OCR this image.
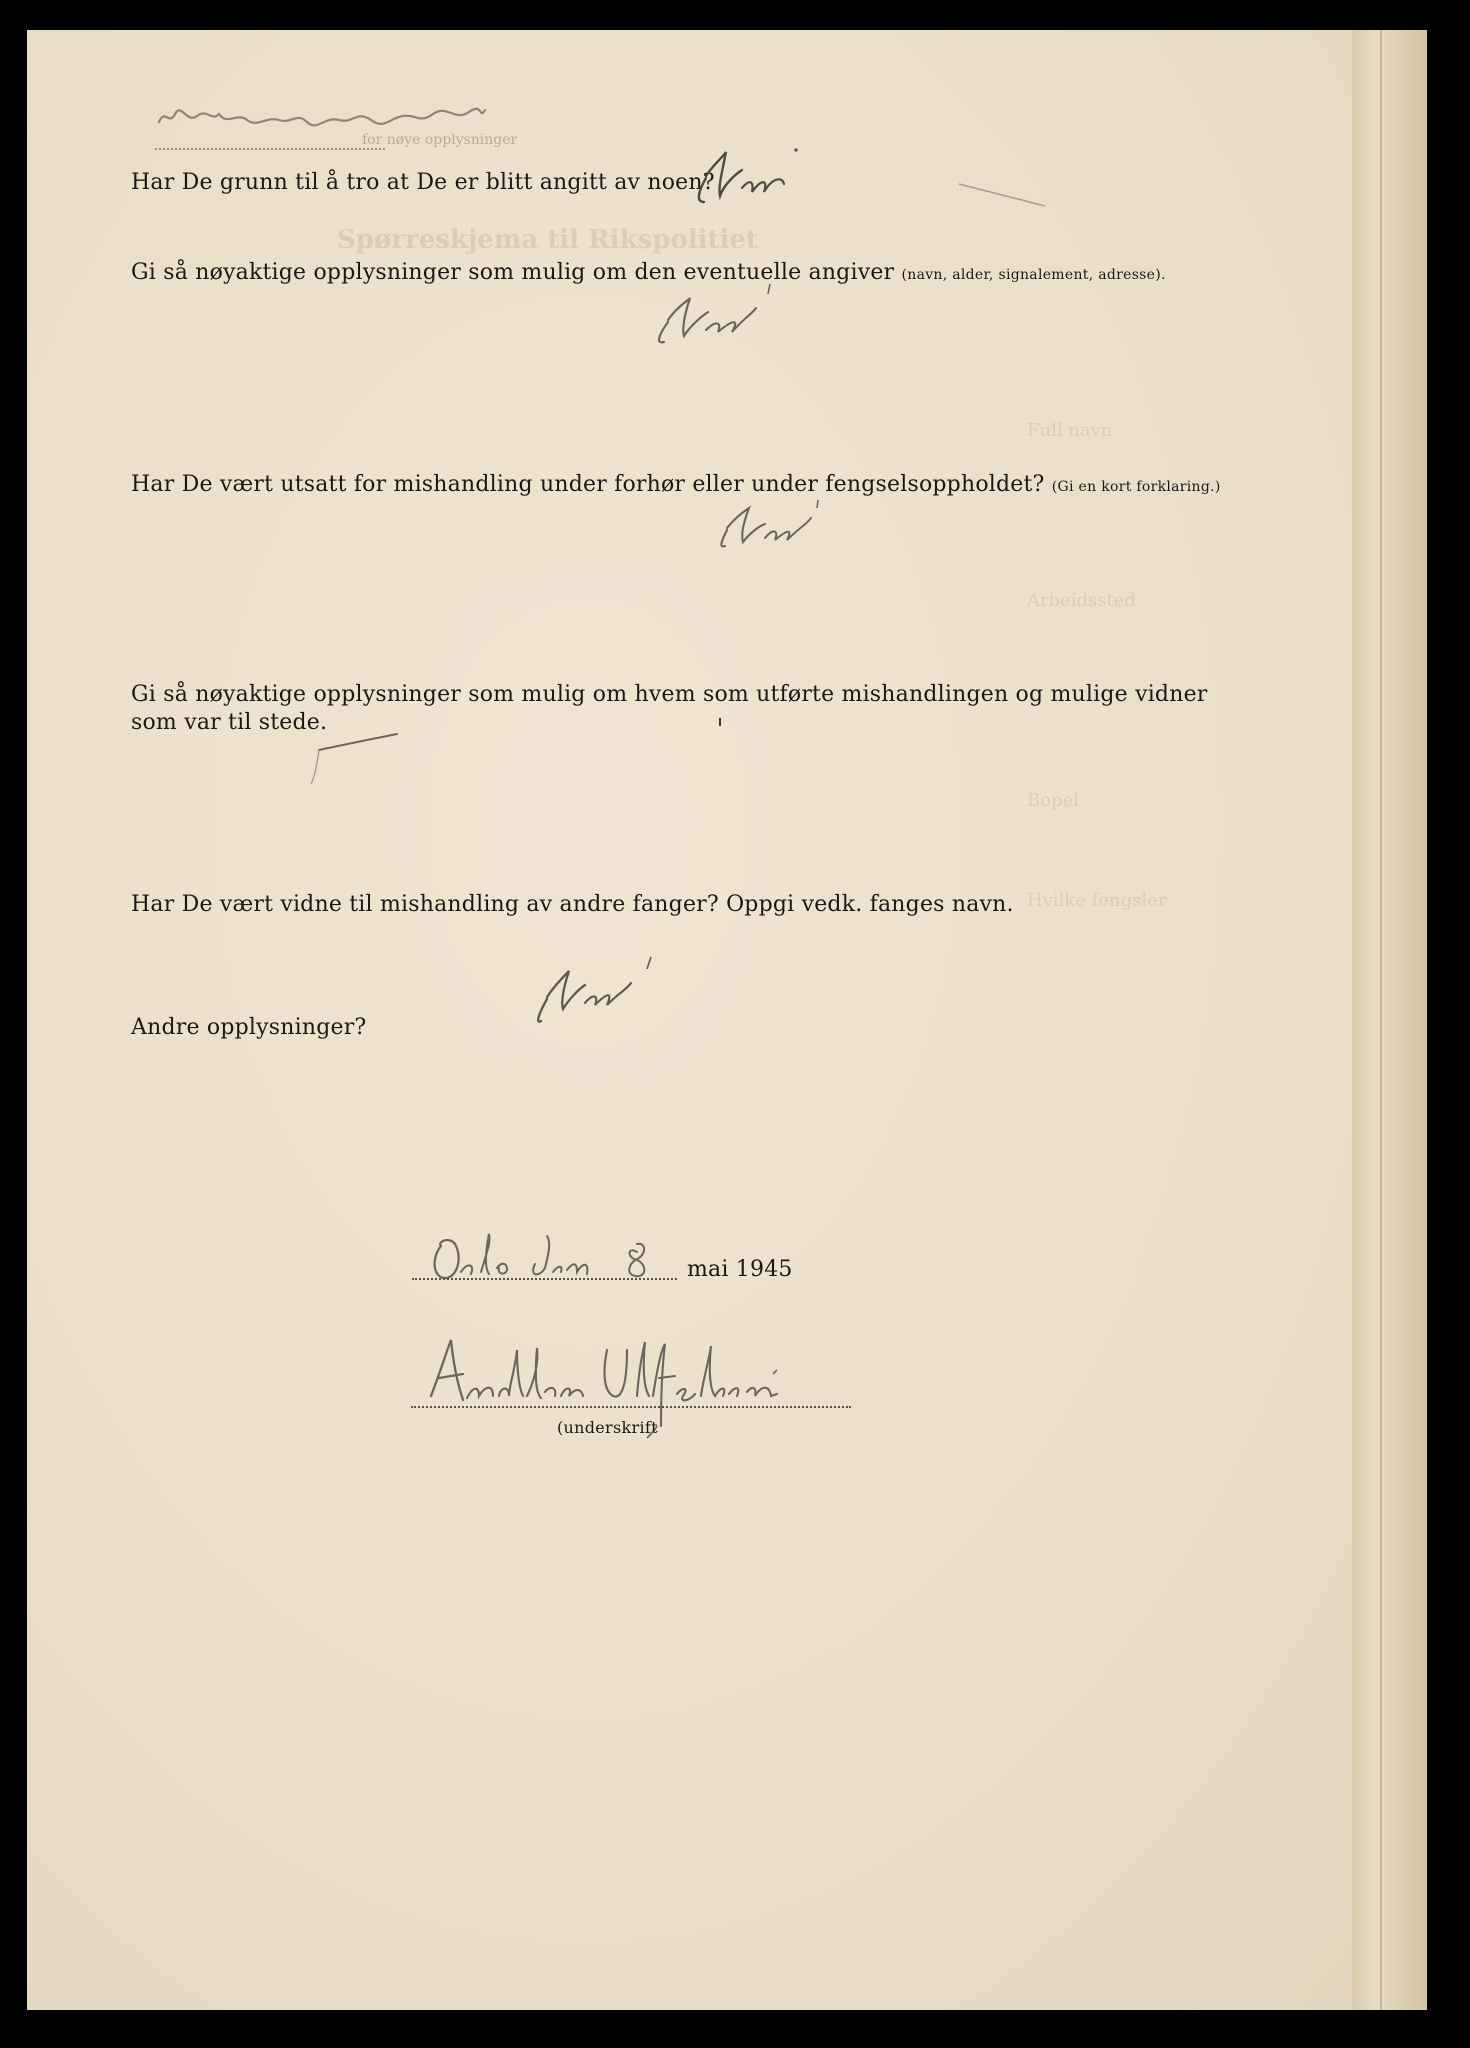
for nøye opplysninger
Har De grunn til å tro at De er blitt angitt av noen?
Spørreskjema til Rikspolitiet
Gi så nøyaktige opplysninger som mulig om den eventuelle angiver (navn, alder, signalement, adresse).
Har De vært utsatt for mishandling under forhør eller under fengselsoppholdet? (Gi en kort forklaring.)
Gi så nøyaktige opplysninger som mulig om hvem som utførte mishandlingen og mulige vidner
som var til stede.
Full navn
Arbeidssted
Bopel
Hvilke fengsler
Har De vært vidne til mishandling av andre fanger? Oppgi vedk. fanges navn.
Andre opplysninger?
mai 1945
(underskrift
